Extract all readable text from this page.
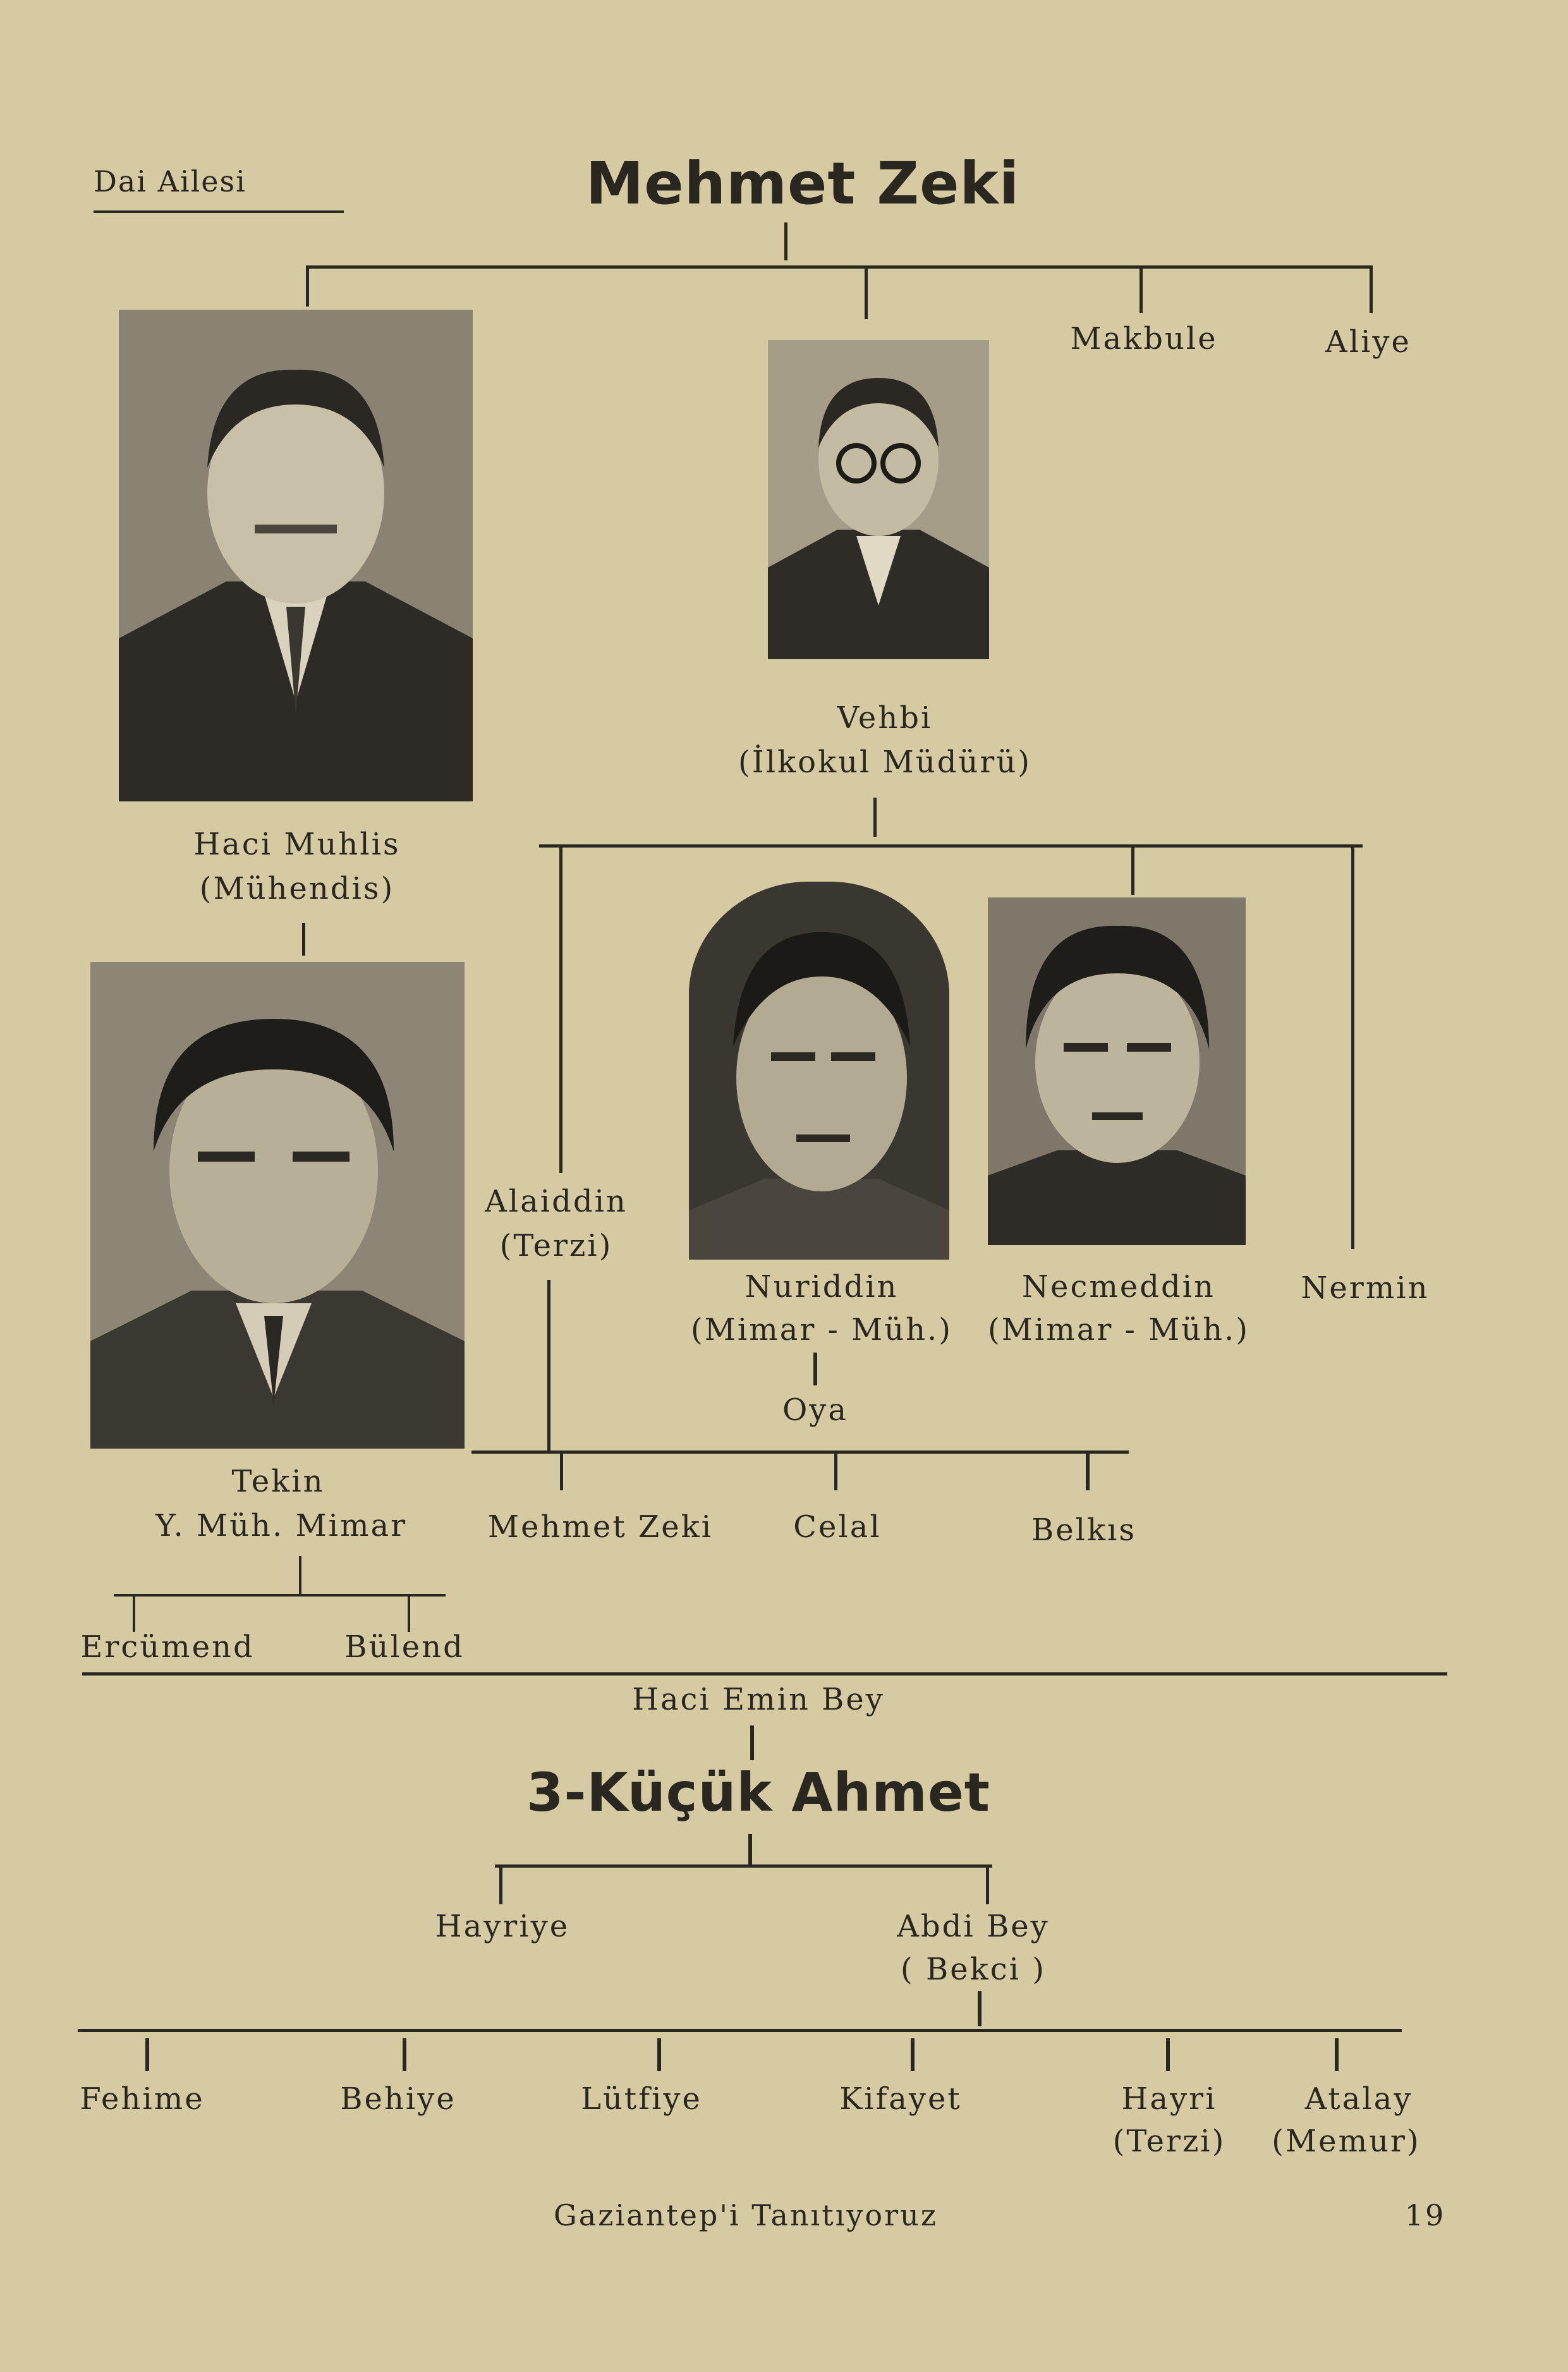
Dai Ailesi	Mehmet Zeki
Makbule	Aliye
Haci Muhlis
(Mühendis)
Vehbi
(İlkokul Müdürü)
Alaiddin
(Terzi)
Nuriddin
(Mimar - Müh.)
Oya
Necmeddin
(Mimar - Müh.)
Nermin
Tekin
Y. Müh. Mimar
Ercümend	Bülend
Mehmet Zeki	Celal	Belkıs
Haci Emin Bey
3-Küçük Ahmet
Hayriye	Abdi Bey
( Bekci )
Fehime	Behiye	Lütfiye	Kifayet	Hayri
(Terzi)
Atalay
(Memur)
Gaziantep'i Tanıtıyoruz	19
